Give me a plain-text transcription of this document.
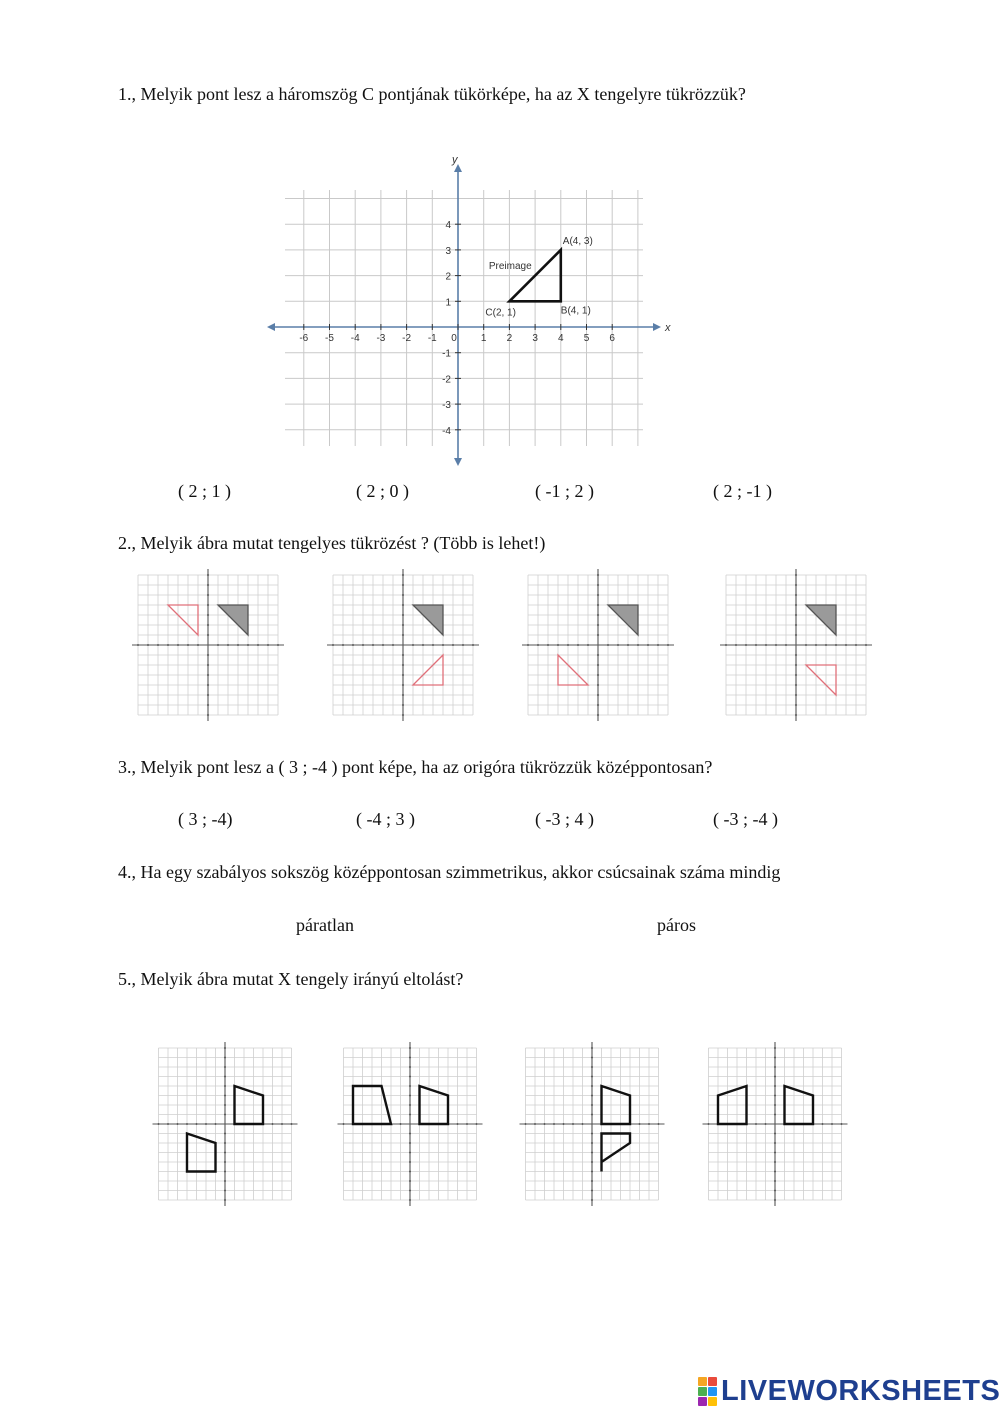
1., Melyik pont lesz a háromszög C pontjának tükörképe, ha az X tengelyre tükrözzük?
x
y
-6 -5 -4 -3 -2 -1 0 1 2 3 4 5 6
4
3
2
1
-1
-2
-3
-4
A(4, 3)
B(4, 1)
C(2, 1)
Preimage
( 2 ; 1 )	( 2 ; 0 )	( -1 ; 2 )	( 2 ; -1 )
2., Melyik ábra mutat tengelyes tükrözést ? (Több is lehet!)
3., Melyik pont lesz a ( 3 ; -4 ) pont képe, ha az origóra tükrözzük középpontosan?
( 3 ; -4)	( -4 ; 3 )	( -3 ; 4 )	( -3 ; -4 )
4., Ha egy szabályos sokszög középpontosan szimmetrikus, akkor csúcsainak száma mindig
páratlan	páros
5., Melyik ábra mutat X tengely irányú eltolást?
LIVEWORKSHEETS
